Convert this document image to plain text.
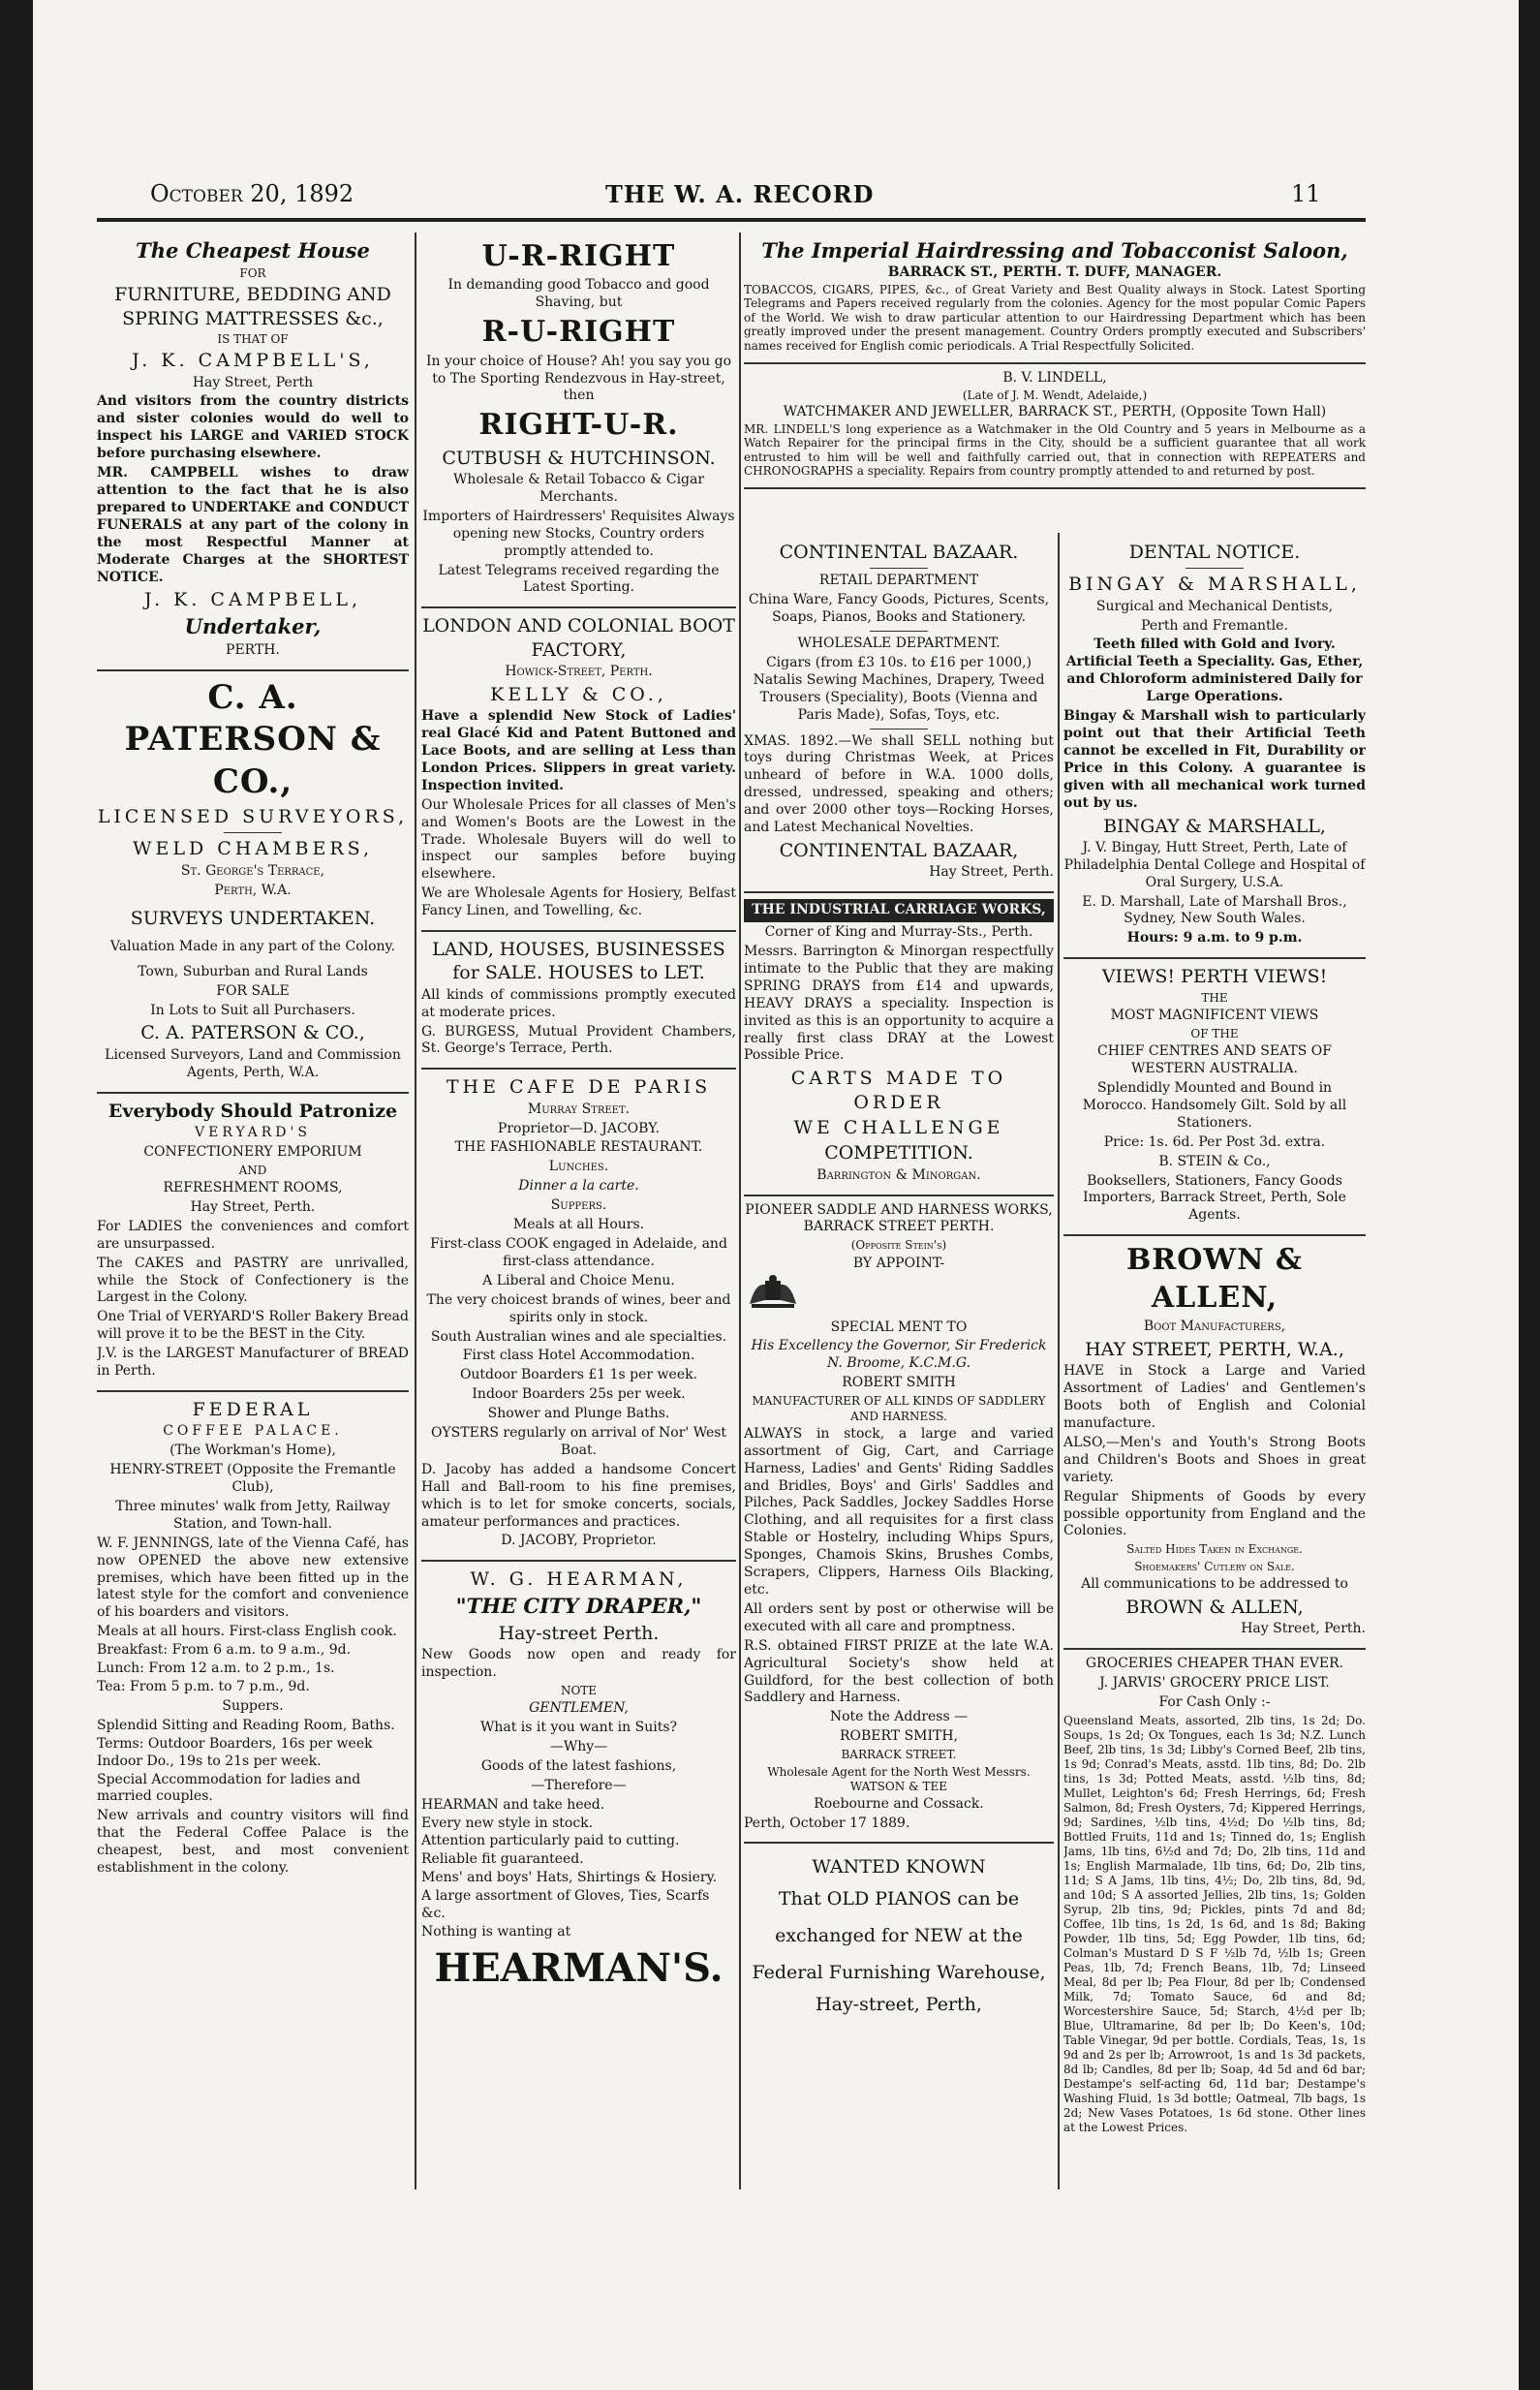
October 20, 1892	THE W. A. RECORD	11
The Cheapest House
FOR
FURNITURE, BEDDING AND SPRING MATTRESSES &c.,
IS THAT OF
J. K. CAMPBELL'S,
Hay Street, Perth
And visitors from the country districts and sister colonies would do well to inspect his LARGE and VARIED STOCK before purchasing elsewhere.
MR. CAMPBELL wishes to draw attention to the fact that he is also prepared to UNDERTAKE and CONDUCT FUNERALS at any part of the colony in the most Respectful Manner at Moderate Charges at the SHORTEST NOTICE.
J. K. CAMPBELL,
Undertaker,
PERTH.
C. A. PATERSON & CO.,
LICENSED SURVEYORS,
WELD CHAMBERS,
St. George's Terrace,
Perth, W.A.
SURVEYS UNDERTAKEN.
Valuation Made in any part of the Colony.
Town, Suburban and Rural Lands
FOR SALE
In Lots to Suit all Purchasers.
C. A. PATERSON & CO.,
Licensed Surveyors, Land and Commission Agents, Perth, W.A.
Everybody Should Patronize
VERYARD'S
CONFECTIONERY EMPORIUM
AND
REFRESHMENT ROOMS,
Hay Street, Perth.
For LADIES the conveniences and comfort are unsurpassed.
The CAKES and PASTRY are unrivalled, while the Stock of Confectionery is the Largest in the Colony.
One Trial of VERYARD'S Roller Bakery Bread will prove it to be the BEST in the City.
J.V. is the LARGEST Manufacturer of BREAD in Perth.
FEDERAL
COFFEE PALACE.
(The Workman's Home),
HENRY-STREET (Opposite the Fremantle Club),
Three minutes' walk from Jetty, Railway Station, and Town-hall.
W. F. JENNINGS, late of the Vienna Café, has now OPENED the above new extensive premises, which have been fitted up in the latest style for the comfort and convenience of his boarders and visitors.
Meals at all hours. First-class English cook.
Breakfast: From 6 a.m. to 9 a.m., 9d.
Lunch: From 12 a.m. to 2 p.m., 1s.
Tea: From 5 p.m. to 7 p.m., 9d.
Suppers.
Splendid Sitting and Reading Room, Baths.
Terms: Outdoor Boarders, 16s per week Indoor Do., 19s to 21s per week.
Special Accommodation for ladies and married couples.
New arrivals and country visitors will find that the Federal Coffee Palace is the cheapest, best, and most convenient establishment in the colony.
U-R-RIGHT
In demanding good Tobacco and good Shaving, but
R-U-RIGHT
In your choice of House? Ah! you say you go to The Sporting Rendezvous in Hay-street, then
RIGHT-U-R.
CUTBUSH & HUTCHINSON.
Wholesale & Retail Tobacco & Cigar Merchants.
Importers of Hairdressers' Requisites Always opening new Stocks, Country orders promptly attended to.
Latest Telegrams received regarding the Latest Sporting.
LONDON AND COLONIAL BOOT FACTORY,
Howick-Street, Perth.
KELLY & CO.,
Have a splendid New Stock of Ladies' real Glacé Kid and Patent Buttoned and Lace Boots, and are selling at Less than London Prices. Slippers in great variety. Inspection invited.
Our Wholesale Prices for all classes of Men's and Women's Boots are the Lowest in the Trade. Wholesale Buyers will do well to inspect our samples before buying elsewhere.
We are Wholesale Agents for Hosiery, Belfast Fancy Linen, and Towelling, &c.
LAND, HOUSES, BUSINESSES for SALE. HOUSES to LET.
All kinds of commissions promptly executed at moderate prices.
G. BURGESS, Mutual Provident Chambers, St. George's Terrace, Perth.
THE CAFE DE PARIS
Murray Street.
Proprietor—D. JACOBY.
THE FASHIONABLE RESTAURANT.
Lunches.
Dinner a la carte.
Suppers.
Meals at all Hours.
First-class COOK engaged in Adelaide, and first-class attendance.
A Liberal and Choice Menu.
The very choicest brands of wines, beer and spirits only in stock.
South Australian wines and ale specialties.
First class Hotel Accommodation.
Outdoor Boarders £1 1s per week.
Indoor Boarders 25s per week.
Shower and Plunge Baths.
OYSTERS regularly on arrival of Nor' West Boat.
D. Jacoby has added a handsome Concert Hall and Ball-room to his fine premises, which is to let for smoke concerts, socials, amateur performances and practices.
D. JACOBY, Proprietor.
W. G. HEARMAN,
"THE CITY DRAPER,"
Hay-street Perth.
New Goods now open and ready for inspection.
NOTE
GENTLEMEN,
What is it you want in Suits?
—Why—
Goods of the latest fashions,
—Therefore—
HEARMAN and take heed.
Every new style in stock.
Attention particularly paid to cutting.
Reliable fit guaranteed.
Mens' and boys' Hats, Shirtings & Hosiery.
A large assortment of Gloves, Ties, Scarfs &c.
Nothing is wanting at
HEARMAN'S.
The Imperial Hairdressing and Tobacconist Saloon,
BARRACK ST., PERTH. T. DUFF, MANAGER.
TOBACCOS, CIGARS, PIPES, &c., of Great Variety and Best Quality always in Stock. Latest Sporting Telegrams and Papers received regularly from the colonies. Agency for the most popular Comic Papers of the World. We wish to draw particular attention to our Hairdressing Department which has been greatly improved under the present management. Country Orders promptly executed and Subscribers' names received for English comic periodicals. A Trial Respectfully Solicited.
B. V. LINDELL,
(Late of J. M. Wendt, Adelaide,)
WATCHMAKER AND JEWELLER, BARRACK ST., PERTH, (Opposite Town Hall)
MR. LINDELL'S long experience as a Watchmaker in the Old Country and 5 years in Melbourne as a Watch Repairer for the principal firms in the City, should be a sufficient guarantee that all work entrusted to him will be well and faithfully carried out, that in connection with REPEATERS and CHRONOGRAPHS a speciality. Repairs from country promptly attended to and returned by post.
CONTINENTAL BAZAAR.
RETAIL DEPARTMENT
China Ware, Fancy Goods, Pictures, Scents, Soaps, Pianos, Books and Stationery.
WHOLESALE DEPARTMENT.
Cigars (from £3 10s. to £16 per 1000,) Natalis Sewing Machines, Drapery, Tweed Trousers (Speciality), Boots (Vienna and Paris Made), Sofas, Toys, etc.
XMAS. 1892.—We shall SELL nothing but toys during Christmas Week, at Prices unheard of before in W.A. 1000 dolls, dressed, undressed, speaking and others; and over 2000 other toys—Rocking Horses, and Latest Mechanical Novelties.
CONTINENTAL BAZAAR,
Hay Street, Perth.
THE INDUSTRIAL CARRIAGE WORKS,
Corner of King and Murray-Sts., Perth.
Messrs. Barrington & Minorgan respectfully intimate to the Public that they are making SPRING DRAYS from £14 and upwards, HEAVY DRAYS a speciality. Inspection is invited as this is an opportunity to acquire a really first class DRAY at the Lowest Possible Price.
CARTS MADE TO ORDER
WE CHALLENGE
COMPETITION.
Barrington & Minorgan.
PIONEER SADDLE AND HARNESS WORKS, BARRACK STREET PERTH.
(Opposite Stein's)
BY APPOINT-
SPECIAL MENT TO
His Excellency the Governor, Sir Frederick N. Broome, K.C.M.G.
ROBERT SMITH
MANUFACTURER OF ALL KINDS OF SADDLERY AND HARNESS.
ALWAYS in stock, a large and varied assortment of Gig, Cart, and Carriage Harness, Ladies' and Gents' Riding Saddles and Bridles, Boys' and Girls' Saddles and Pilches, Pack Saddles, Jockey Saddles Horse Clothing, and all requisites for a first class Stable or Hostelry, including Whips Spurs, Sponges, Chamois Skins, Brushes Combs, Scrapers, Clippers, Harness Oils Blacking, etc.
All orders sent by post or otherwise will be executed with all care and promptness.
R.S. obtained FIRST PRIZE at the late W.A. Agricultural Society's show held at Guildford, for the best collection of both Saddlery and Harness.
Note the Address —
ROBERT SMITH,
BARRACK STREET.
Wholesale Agent for the North West Messrs. WATSON & TEE
Roebourne and Cossack.
Perth, October 17 1889.
WANTED KNOWN
That OLD PIANOS can be exchanged for NEW at the Federal Furnishing Warehouse,
Hay-street, Perth,
DENTAL NOTICE.
BINGAY & MARSHALL,
Surgical and Mechanical Dentists,
Perth and Fremantle.
Teeth filled with Gold and Ivory. Artificial Teeth a Speciality. Gas, Ether, and Chloroform administered Daily for Large Operations.
Bingay & Marshall wish to particularly point out that their Artificial Teeth cannot be excelled in Fit, Durability or Price in this Colony. A guarantee is given with all mechanical work turned out by us.
BINGAY & MARSHALL,
J. V. Bingay, Hutt Street, Perth, Late of Philadelphia Dental College and Hospital of Oral Surgery, U.S.A.
E. D. Marshall, Late of Marshall Bros., Sydney, New South Wales.
Hours: 9 a.m. to 9 p.m.
VIEWS! PERTH VIEWS!
THE
MOST MAGNIFICENT VIEWS
OF THE
CHIEF CENTRES AND SEATS OF WESTERN AUSTRALIA.
Splendidly Mounted and Bound in Morocco. Handsomely Gilt. Sold by all Stationers.
Price: 1s. 6d. Per Post 3d. extra.
B. STEIN & Co.,
Booksellers, Stationers, Fancy Goods Importers, Barrack Street, Perth, Sole Agents.
BROWN & ALLEN,
Boot Manufacturers,
HAY STREET, PERTH, W.A.,
HAVE in Stock a Large and Varied Assortment of Ladies' and Gentlemen's Boots both of English and Colonial manufacture.
ALSO,—Men's and Youth's Strong Boots and Children's Boots and Shoes in great variety.
Regular Shipments of Goods by every possible opportunity from England and the Colonies.
Salted Hides Taken in Exchange.
Shoemakers' Cutlery on Sale.
All communications to be addressed to
BROWN & ALLEN,
Hay Street, Perth.
GROCERIES CHEAPER THAN EVER.
J. JARVIS' GROCERY PRICE LIST.
For Cash Only :-
Queensland Meats, assorted, 2lb tins, 1s 2d; Do. Soups, 1s 2d; Ox Tongues, each 1s 3d; N.Z. Lunch Beef, 2lb tins, 1s 3d; Libby's Corned Beef, 2lb tins, 1s 9d; Conrad's Meats, asstd. 1lb tins, 8d; Do. 2lb tins, 1s 3d; Potted Meats, asstd. ½lb tins, 8d; Mullet, Leighton's 6d; Fresh Herrings, 6d; Fresh Salmon, 8d; Fresh Oysters, 7d; Kippered Herrings, 9d; Sardines, ½lb tins, 4½d; Do ½lb tins, 8d; Bottled Fruits, 11d and 1s; Tinned do, 1s; English Jams, 1lb tins, 6½d and 7d; Do, 2lb tins, 11d and 1s; English Marmalade, 1lb tins, 6d; Do, 2lb tins, 11d; S A Jams, 1lb tins, 4½; Do, 2lb tins, 8d, 9d, and 10d; S A assorted Jellies, 2lb tins, 1s; Golden Syrup, 2lb tins, 9d; Pickles, pints 7d and 8d; Coffee, 1lb tins, 1s 2d, 1s 6d, and 1s 8d; Baking Powder, 1lb tins, 5d; Egg Powder, 1lb tins, 6d; Colman's Mustard D S F ½lb 7d, ½lb 1s; Green Peas, 1lb, 7d; French Beans, 1lb, 7d; Linseed Meal, 8d per lb; Pea Flour, 8d per lb; Condensed Milk, 7d; Tomato Sauce, 6d and 8d; Worcestershire Sauce, 5d; Starch, 4½d per lb; Blue, Ultramarine, 8d per lb; Do Keen's, 10d; Table Vinegar, 9d per bottle. Cordials, Teas, 1s, 1s 9d and 2s per lb; Arrowroot, 1s and 1s 3d packets, 8d lb; Candles, 8d per lb; Soap, 4d 5d and 6d bar; Destampe's self-acting 6d, 11d bar; Destampe's Washing Fluid, 1s 3d bottle; Oatmeal, 7lb bags, 1s 2d; New Vases Potatoes, 1s 6d stone. Other lines at the Lowest Prices.
